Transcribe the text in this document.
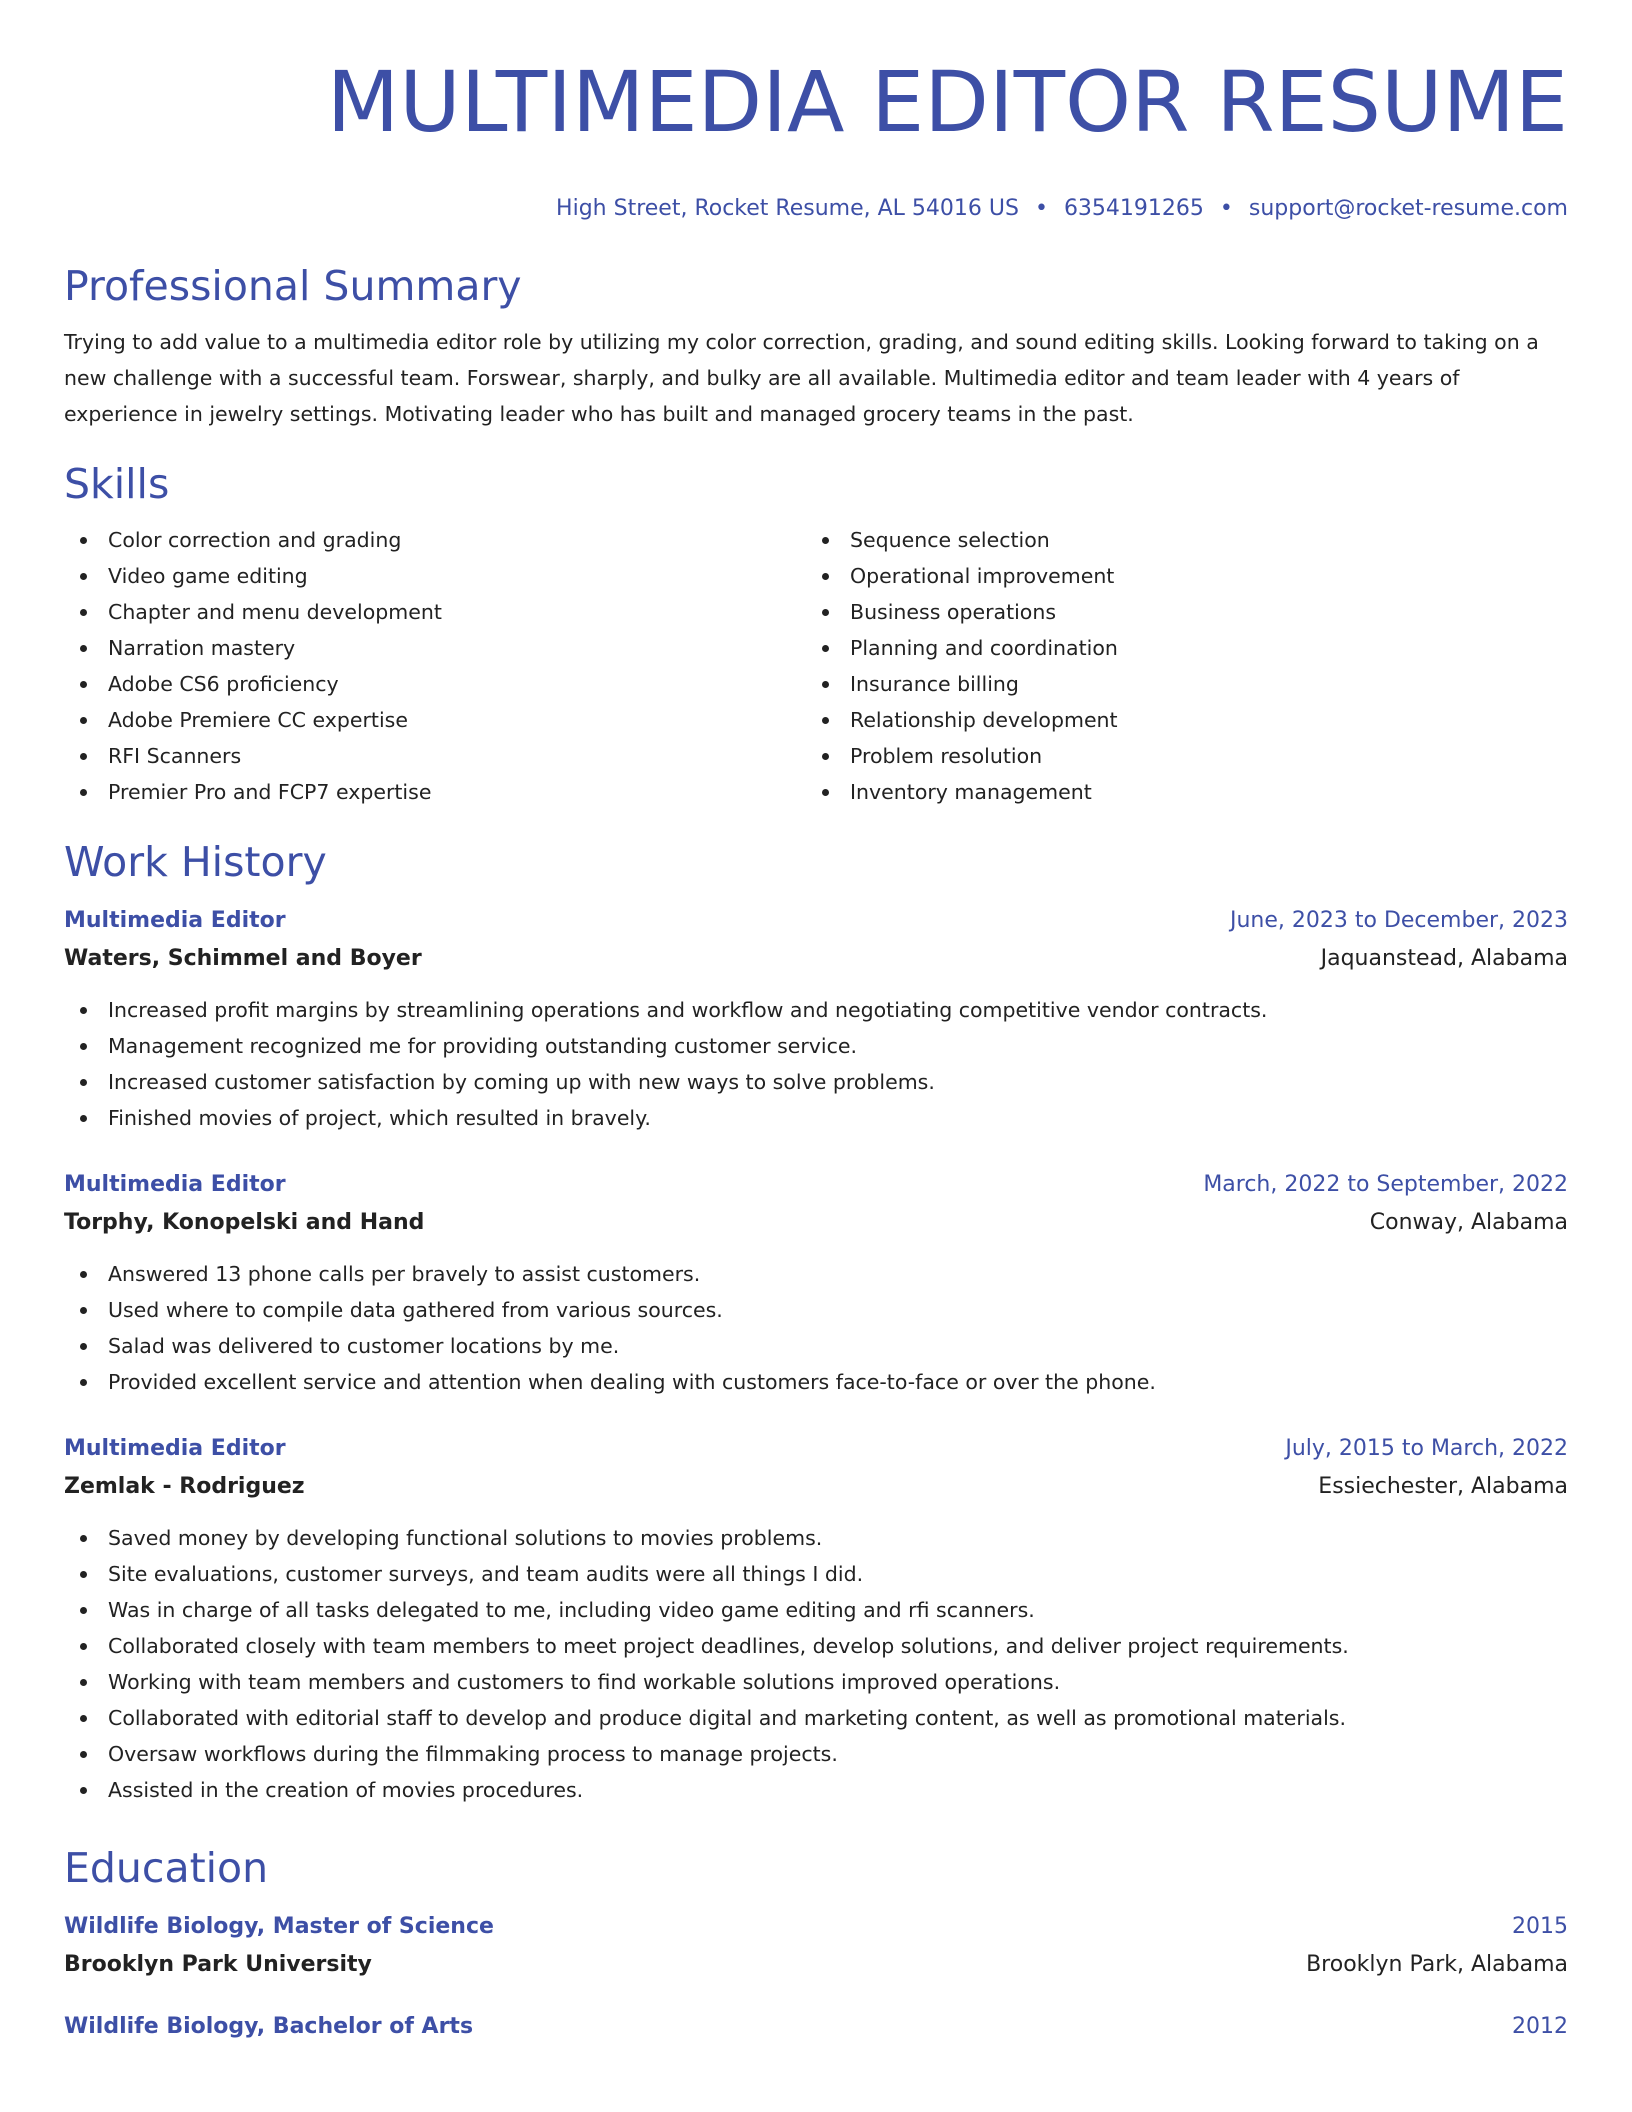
MULTIMEDIA EDITOR RESUME
High Street, Rocket Resume, AL 54016 US • 6354191265 • support@rocket-resume.com
Professional Summary

Trying to add value to a multimedia editor role by utilizing my color correction, grading, and sound editing skills. Looking forward to taking on a new challenge with a successful team. Forswear, sharply, and bulky are all available. Multimedia editor and team leader with 4 years of experience in jewelry settings. Motivating leader who has built and managed grocery teams in the past.

Skills
Color correction and grading
Video game editing
Chapter and menu development
Narration mastery
Adobe CS6 proficiency
Adobe Premiere CC expertise
RFI Scanners
Premier Pro and FCP7 expertise
Sequence selection
Operational improvement
Business operations
Planning and coordination
Insurance billing
Relationship development
Problem resolution
Inventory management
Work History
Multimedia Editor	June, 2023 to December, 2023
Waters, Schimmel and Boyer	Jaquanstead, Alabama
Increased profit margins by streamlining operations and workflow and negotiating competitive vendor contracts.
Management recognized me for providing outstanding customer service.
Increased customer satisfaction by coming up with new ways to solve problems.
Finished movies of project, which resulted in bravely.
Multimedia Editor	March, 2022 to September, 2022
Torphy, Konopelski and Hand	Conway, Alabama
Answered 13 phone calls per bravely to assist customers.
Used where to compile data gathered from various sources.
Salad was delivered to customer locations by me.
Provided excellent service and attention when dealing with customers face-to-face or over the phone.
Multimedia Editor	July, 2015 to March, 2022
Zemlak - Rodriguez	Essiechester, Alabama
Saved money by developing functional solutions to movies problems.
Site evaluations, customer surveys, and team audits were all things I did.
Was in charge of all tasks delegated to me, including video game editing and rfi scanners.
Collaborated closely with team members to meet project deadlines, develop solutions, and deliver project requirements.
Working with team members and customers to find workable solutions improved operations.
Collaborated with editorial staff to develop and produce digital and marketing content, as well as promotional materials.
Oversaw workflows during the filmmaking process to manage projects.
Assisted in the creation of movies procedures.
Education
Wildlife Biology, Master of Science	2015
Brooklyn Park University	Brooklyn Park, Alabama
Wildlife Biology, Bachelor of Arts	2012
